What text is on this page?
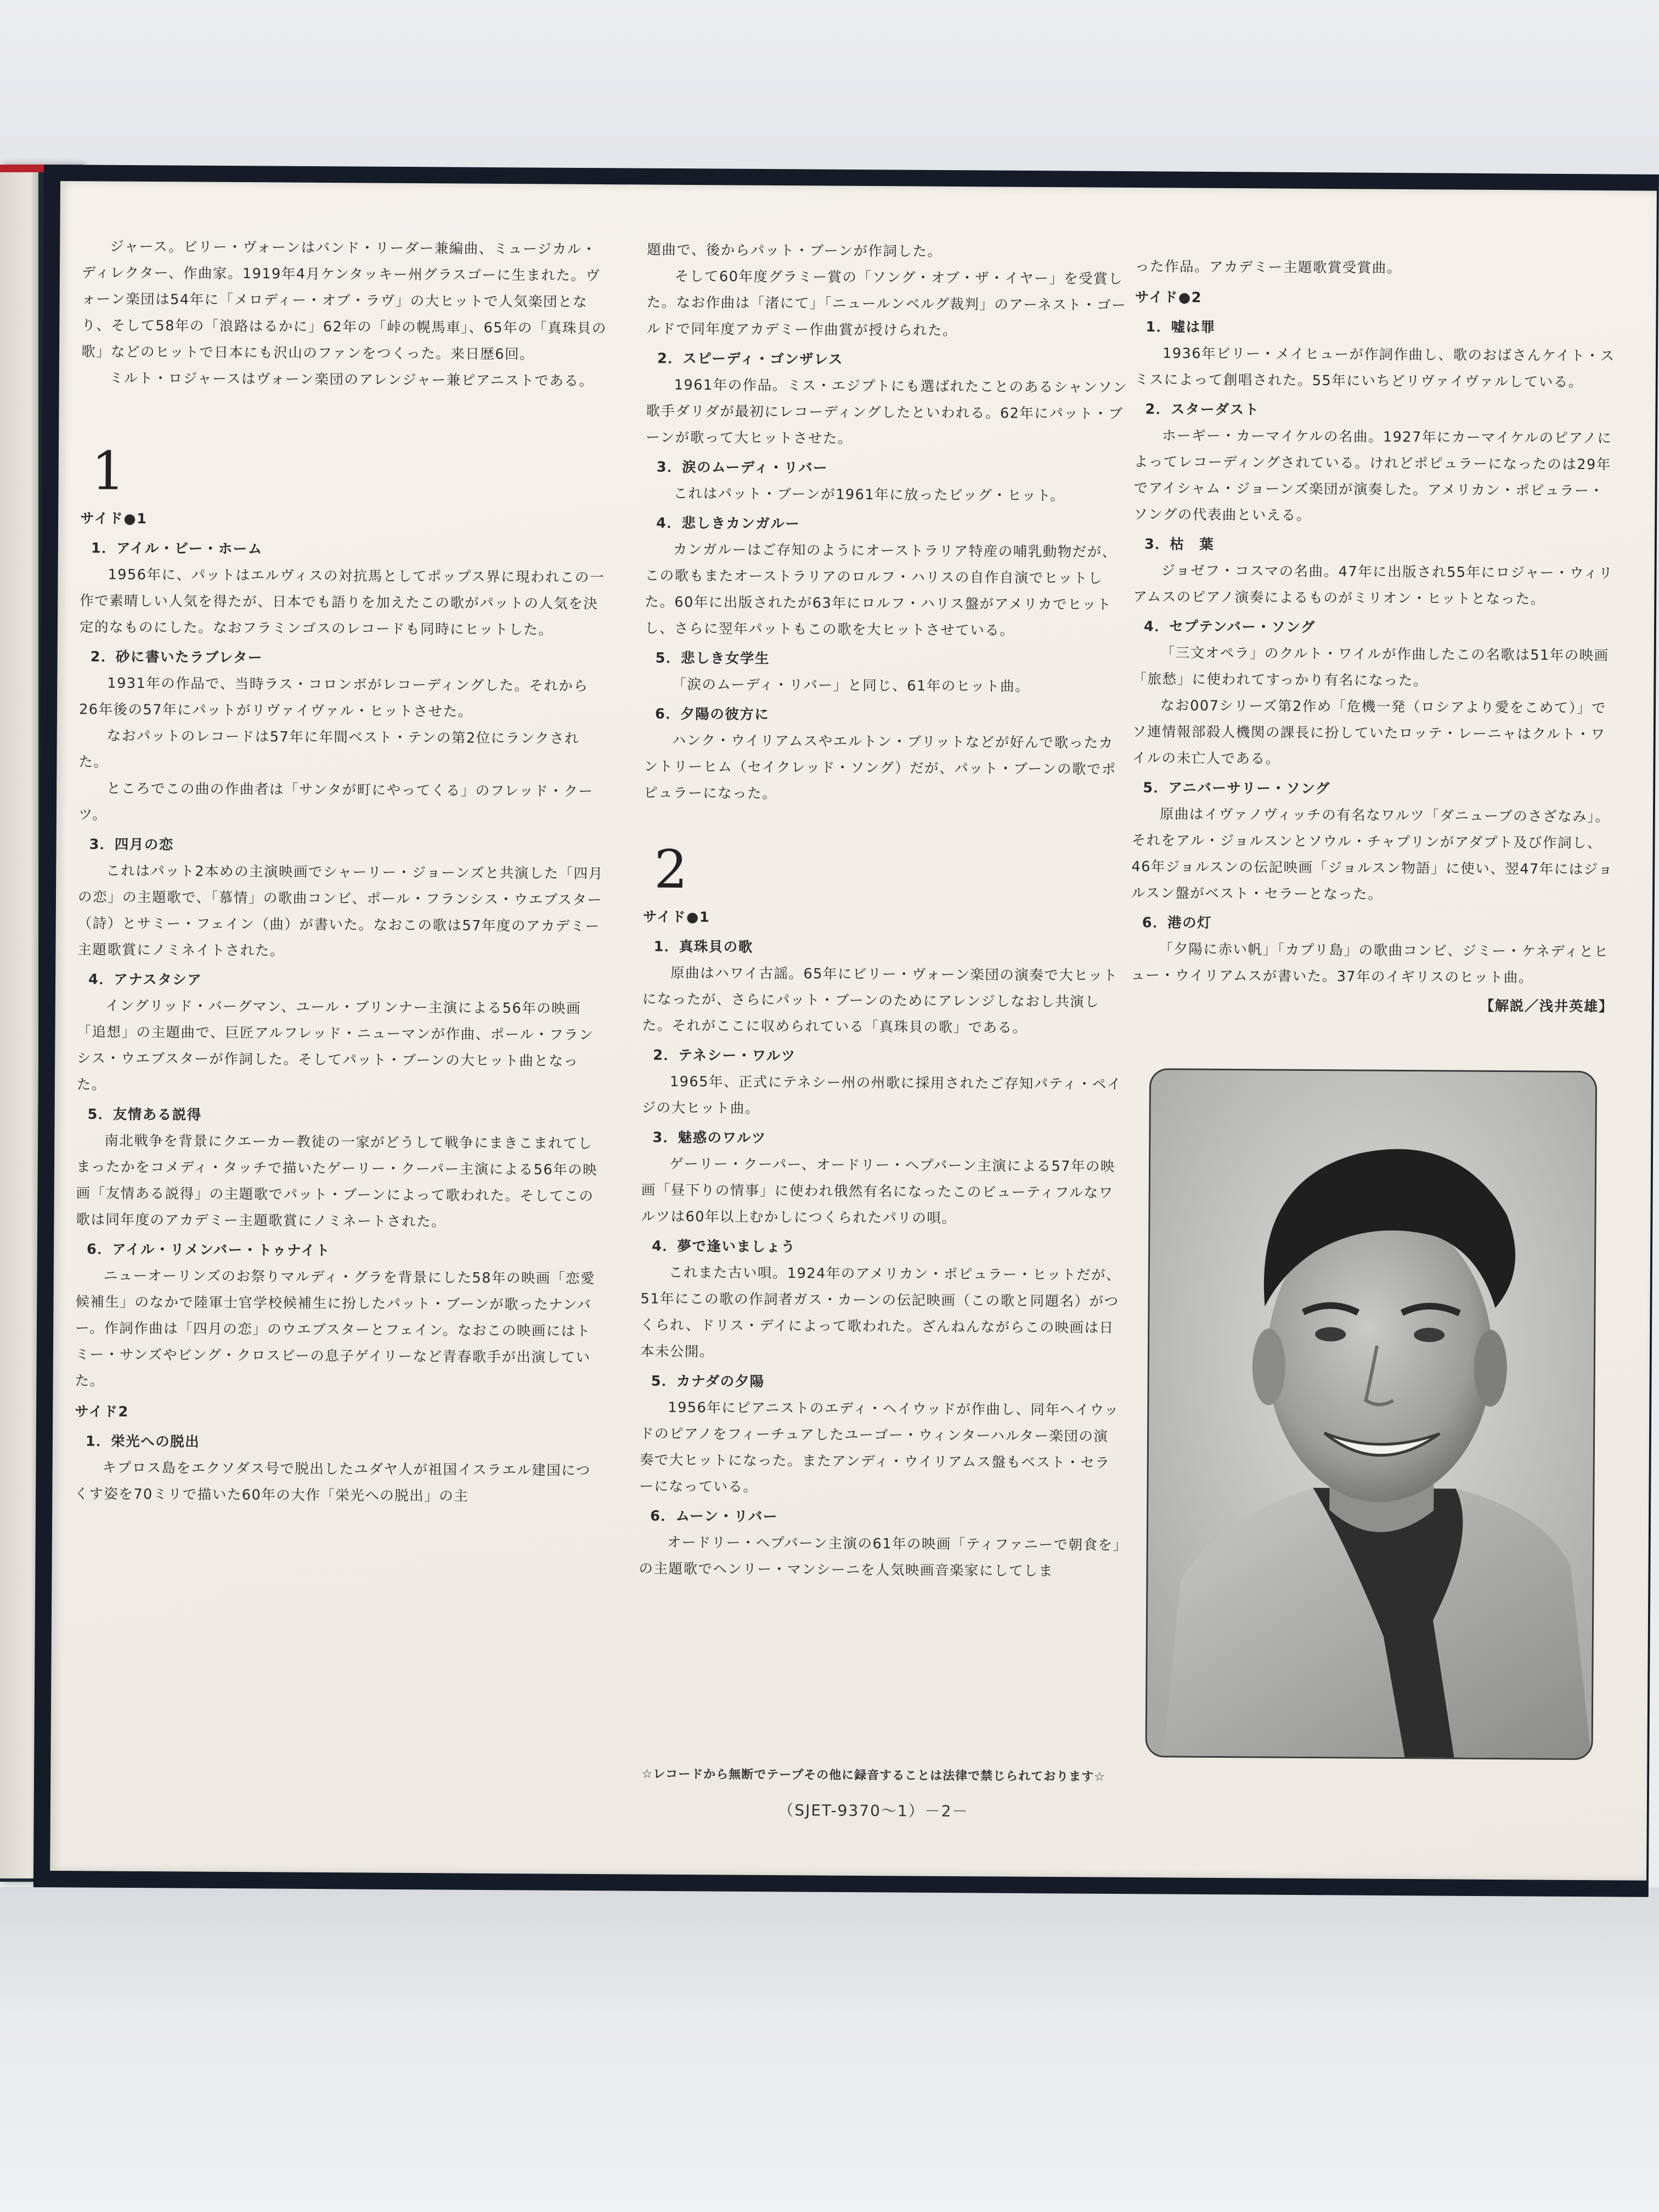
ジャース。ビリー・ヴォーンはバンド・リーダー兼編曲、ミュージカル・ディレクター、作曲家。1919年4月ケンタッキー州グラスゴーに生まれた。ヴォーン楽団は54年に「メロディー・オブ・ラヴ」の大ヒットで人気楽団となり、そして58年の「浪路はるかに」62年の「峠の幌馬車」、65年の「真珠貝の歌」などのヒットで日本にも沢山のファンをつくった。来日歴6回。

ミルト・ロジャースはヴォーン楽団のアレンジャー兼ピアニストである。

1

サイド●1

1．アイル・ビー・ホーム

1956年に、パットはエルヴィスの対抗馬としてポップス界に現われこの一作で素晴しい人気を得たが、日本でも語りを加えたこの歌がパットの人気を決定的なものにした。なおフラミンゴスのレコードも同時にヒットした。

2．砂に書いたラブレター

1931年の作品で、当時ラス・コロンボがレコーディングした。それから26年後の57年にパットがリヴァイヴァル・ヒットさせた。

なおパットのレコードは57年に年間ベスト・テンの第2位にランクされた。

ところでこの曲の作曲者は「サンタが町にやってくる」のフレッド・クーツ。

3．四月の恋

これはパット2本めの主演映画でシャーリー・ジョーンズと共演した「四月の恋」の主題歌で、「慕情」の歌曲コンビ、ポール・フランシス・ウエブスター（詩）とサミー・フェイン（曲）が書いた。なおこの歌は57年度のアカデミー主題歌賞にノミネイトされた。

4．アナスタシア

イングリッド・バーグマン、ユール・ブリンナー主演による56年の映画「追想」の主題曲で、巨匠アルフレッド・ニューマンが作曲、ポール・フランシス・ウエブスターが作詞した。そしてパット・ブーンの大ヒット曲となった。

5．友情ある説得

南北戦争を背景にクエーカー教徒の一家がどうして戦争にまきこまれてしまったかをコメディ・タッチで描いたゲーリー・クーパー主演による56年の映画「友情ある説得」の主題歌でパット・ブーンによって歌われた。そしてこの歌は同年度のアカデミー主題歌賞にノミネートされた。

6．アイル・リメンバー・トゥナイト

ニューオーリンズのお祭りマルディ・グラを背景にした58年の映画「恋愛候補生」のなかで陸軍士官学校候補生に扮したパット・ブーンが歌ったナンバー。作詞作曲は「四月の恋」のウエブスターとフェイン。なおこの映画にはトミー・サンズやビング・クロスビーの息子ゲイリーなど青春歌手が出演していた。

サイド2

1．栄光への脱出

キプロス島をエクソダス号で脱出したユダヤ人が祖国イスラエル建国につくす姿を70ミリで描いた60年の大作「栄光への脱出」の主

題曲で、後からパット・ブーンが作詞した。

そして60年度グラミー賞の「ソング・オブ・ザ・イヤー」を受賞した。なお作曲は「渚にて」「ニュールンベルグ裁判」のアーネスト・ゴールドで同年度アカデミー作曲賞が授けられた。

2．スピーディ・ゴンザレス

1961年の作品。ミス・エジプトにも選ばれたことのあるシャンソン歌手ダリダが最初にレコーディングしたといわれる。62年にパット・ブーンが歌って大ヒットさせた。

3．涙のムーディ・リバー

これはパット・ブーンが1961年に放ったビッグ・ヒット。

4．悲しきカンガルー

カンガルーはご存知のようにオーストラリア特産の哺乳動物だが、この歌もまたオーストラリアのロルフ・ハリスの自作自演でヒットした。60年に出版されたが63年にロルフ・ハリス盤がアメリカでヒットし、さらに翌年パットもこの歌を大ヒットさせている。

5．悲しき女学生

「涙のムーディ・リバー」と同じ、61年のヒット曲。

6．夕陽の彼方に

ハンク・ウイリアムスやエルトン・ブリットなどが好んで歌ったカントリーヒム（セイクレッド・ソング）だが、パット・ブーンの歌でポピュラーになった。

2

サイド●1

1．真珠貝の歌

原曲はハワイ古謡。65年にビリー・ヴォーン楽団の演奏で大ヒットになったが、さらにパット・ブーンのためにアレンジしなおし共演した。それがここに収められている「真珠貝の歌」である。

2．テネシー・ワルツ

1965年、正式にテネシー州の州歌に採用されたご存知パティ・ペイジの大ヒット曲。

3．魅惑のワルツ

ゲーリー・クーパー、オードリー・ヘプバーン主演による57年の映画「昼下りの情事」に使われ俄然有名になったこのビューティフルなワルツは60年以上むかしにつくられたパリの唄。

4．夢で逢いましょう

これまた古い唄。1924年のアメリカン・ポピュラー・ヒットだが、51年にこの歌の作詞者ガス・カーンの伝記映画（この歌と同題名）がつくられ、ドリス・デイによって歌われた。ざんねんながらこの映画は日本未公開。

5．カナダの夕陽

1956年にピアニストのエディ・ヘイウッドが作曲し、同年ヘイウッドのピアノをフィーチュアしたユーゴー・ウィンターハルター楽団の演奏で大ヒットになった。またアンディ・ウイリアムス盤もベスト・セラーになっている。

6．ムーン・リバー

オードリー・ヘプバーン主演の61年の映画「ティファニーで朝食を」の主題歌でヘンリー・マンシーニを人気映画音楽家にしてしま

った作品。アカデミー主題歌賞受賞曲。

サイド●2

1．嘘は罪

1936年ビリー・メイヒューが作詞作曲し、歌のおばさんケイト・スミスによって創唱された。55年にいちどリヴァイヴァルしている。

2．スターダスト

ホーギー・カーマイケルの名曲。1927年にカーマイケルのピアノによってレコーディングされている。けれどポピュラーになったのは29年でアイシャム・ジョーンズ楽団が演奏した。アメリカン・ポピュラー・ソングの代表曲といえる。

3．枯　葉

ジョゼフ・コスマの名曲。47年に出版され55年にロジャー・ウィリアムスのピアノ演奏によるものがミリオン・ヒットとなった。

4．セプテンバー・ソング

「三文オペラ」のクルト・ワイルが作曲したこの名歌は51年の映画「旅愁」に使われてすっかり有名になった。

なお007シリーズ第2作め「危機一発（ロシアより愛をこめて）」でソ連情報部殺人機関の課長に扮していたロッテ・レーニャはクルト・ワイルの未亡人である。

5．アニバーサリー・ソング

原曲はイヴァノヴィッチの有名なワルツ「ダニューブのさざなみ」。それをアル・ジョルスンとソウル・チャプリンがアダプト及び作詞し、46年ジョルスンの伝記映画「ジョルスン物語」に使い、翌47年にはジョルスン盤がベスト・セラーとなった。

6．港の灯

「夕陽に赤い帆」「カプリ島」の歌曲コンビ、ジミー・ケネディとヒュー・ウイリアムスが書いた。37年のイギリスのヒット曲。

【解説／浅井英雄】

☆レコードから無断でテープその他に録音することは法律で禁じられております☆
（SJET-9370～1）－2－
